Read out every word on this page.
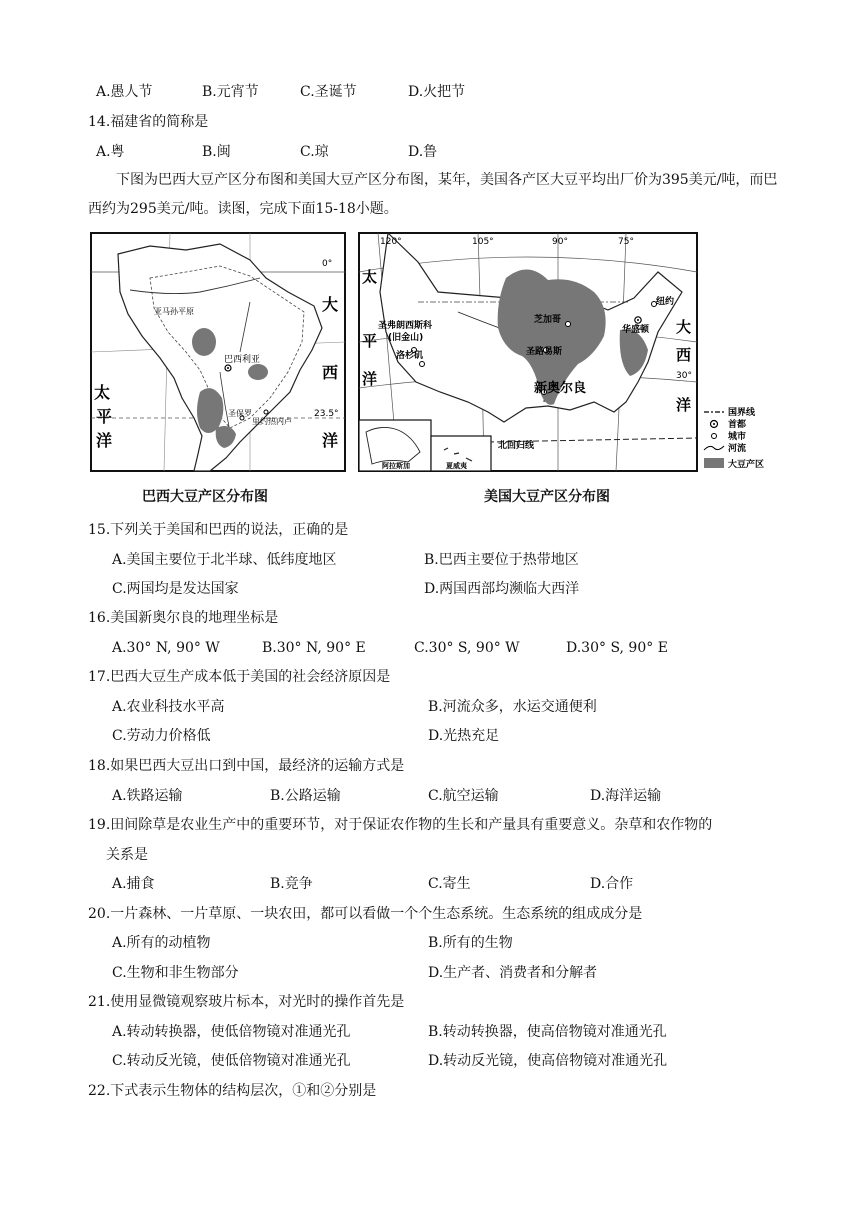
A.愚人节	B.元宵节	C.圣诞节	D.火把节
14.福建省的简称是
A.粤	B.闽	C.琼	D.鲁
下图为巴西大豆产区分布图和美国大豆产区分布图，某年，美国各产区大豆平均出厂价为395美元/吨，而巴西约为295美元/吨。读图，完成下面15-18小题。
亚马孙平原
巴西利亚
圣保罗
里约热内卢
23.5°
0°
大
西
洋
太
平
洋
120°	105°	90°	75°
30°
圣弗朗西斯科
(旧金山)
洛杉矶
芝加哥
圣路易斯
新奥尔良
纽约
华盛顿
太
平
洋
大
西
洋
北回归线
阿拉斯加	夏威夷
国界线
首都
城市
河流
大豆产区
巴西大豆产区分布图	美国大豆产区分布图
15.下列关于美国和巴西的说法，正确的是
A.美国主要位于北半球、低纬度地区	B.巴西主要位于热带地区
C.两国均是发达国家	D.两国西部均濒临大西洋
16.美国新奥尔良的地理坐标是
A.30° N, 90° W	B.30° N, 90° E	C.30° S, 90° W	D.30° S, 90° E
17.巴西大豆生产成本低于美国的社会经济原因是
A.农业科技水平高	B.河流众多，水运交通便利
C.劳动力价格低	D.光热充足
18.如果巴西大豆出口到中国，最经济的运输方式是
A.铁路运输	B.公路运输	C.航空运输	D.海洋运输
19.田间除草是农业生产中的重要环节，对于保证农作物的生长和产量具有重要意义。杂草和农作物的
关系是
A.捕食	B.竞争	C.寄生	D.合作
20.一片森林、一片草原、一块农田，都可以看做一个个生态系统。生态系统的组成成分是
A.所有的动植物	B.所有的生物
C.生物和非生物部分	D.生产者、消费者和分解者
21.使用显微镜观察玻片标本，对光时的操作首先是
A.转动转换器，使低倍物镜对准通光孔	B.转动转换器，使高倍物镜对准通光孔
C.转动反光镜，使低倍物镜对准通光孔	D.转动反光镜，使高倍物镜对准通光孔
22.下式表示生物体的结构层次，①和②分别是
